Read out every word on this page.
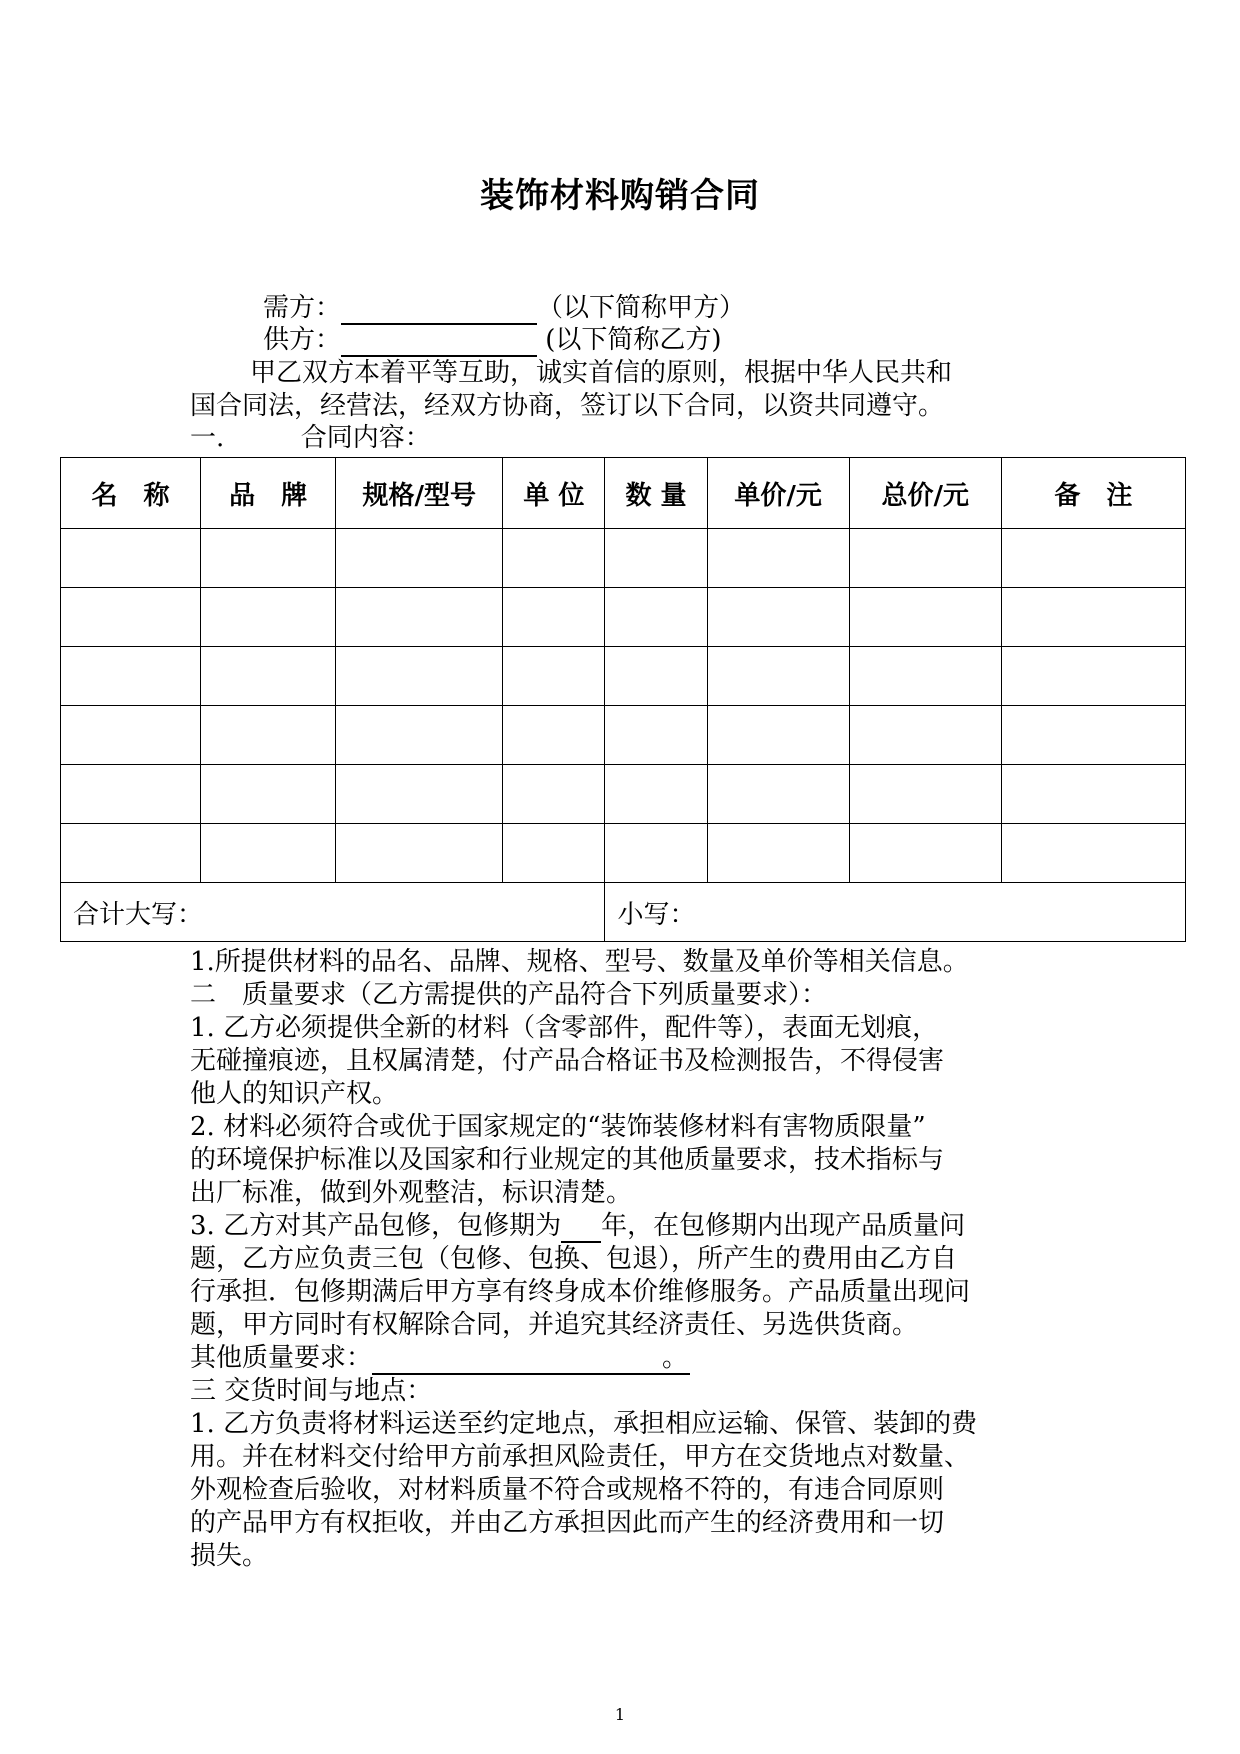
装饰材料购销合同
需方：	（以下简称甲方）
供方：	(以下简称乙方)
甲乙双方本着平等互助，诚实首信的原则，根据中华人民共和
国合同法，经营法，经双方协商，签订以下合同，以资共同遵守。
一.	合同内容：
名　称	品　牌	规格/型号	单 位	数 量	单价/元	总价/元	备　注

合计大写：				小写：			
1.所提供材料的品名、品牌、规格、型号、数量及单价等相关信息。
二　质量要求（乙方需提供的产品符合下列质量要求）：
1. 乙方必须提供全新的材料（含零部件，配件等），表面无划痕，
无碰撞痕迹，且权属清楚，付产品合格证书及检测报告，不得侵害
他人的知识产权。
2. 材料必须符合或优于国家规定的“装饰装修材料有害物质限量”
的环境保护标准以及国家和行业规定的其他质量要求，技术指标与
出厂标准，做到外观整洁，标识清楚。
3. 乙方对其产品包修，包修期为 年，在包修期内出现产品质量问
题，乙方应负责三包（包修、包换、包退），所产生的费用由乙方自
行承担．包修期满后甲方享有终身成本价维修服务。产品质量出现问
题，甲方同时有权解除合同，并追究其经济责任、另选供货商。
其他质量要求：	。
三 交货时间与地点：
1. 乙方负责将材料运送至约定地点，承担相应运输、保管、装卸的费
用。并在材料交付给甲方前承担风险责任，甲方在交货地点对数量、
外观检查后验收，对材料质量不符合或规格不符的，有违合同原则
的产品甲方有权拒收，并由乙方承担因此而产生的经济费用和一切
损失。
1
